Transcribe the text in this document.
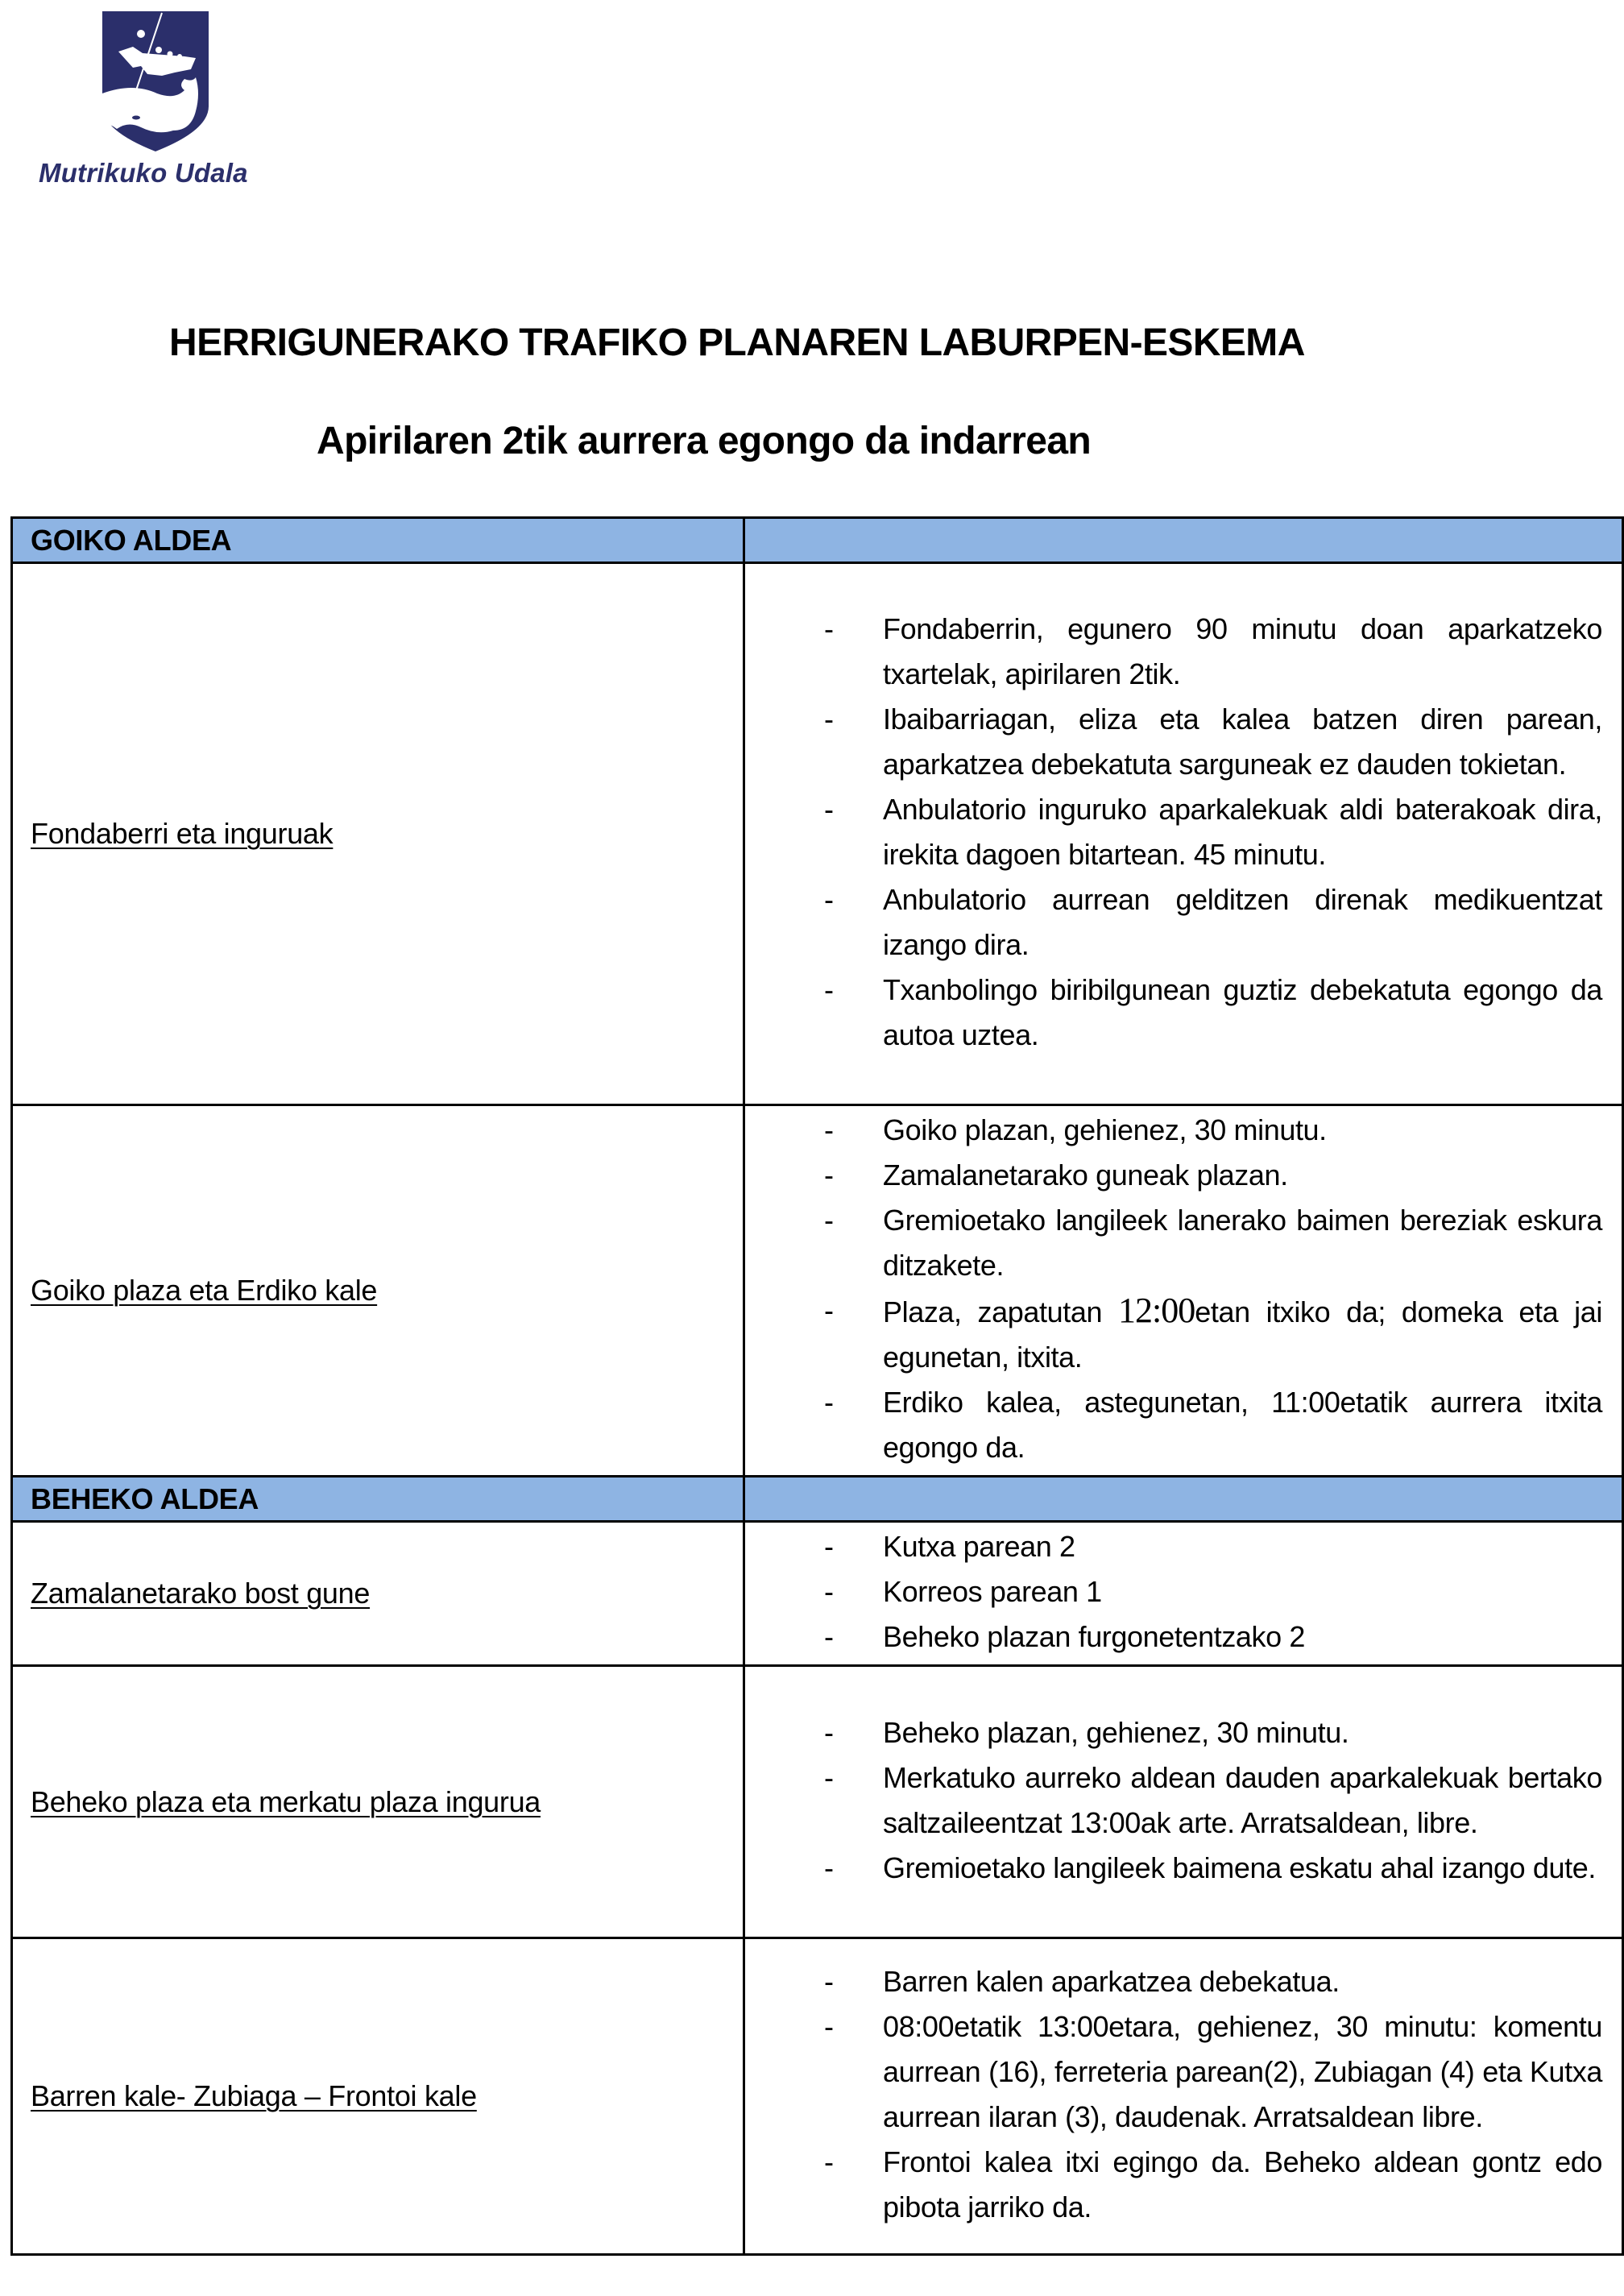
Mutrikuko Udala
HERRIGUNERAKO TRAFIKO PLANAREN LABURPEN-ESKEMA
Apirilaren 2tik aurrera egongo da indarrean
GOIKO ALDEA	
Fondaberri eta inguruak	
- Fondaberrin, egunero 90 minutu doan aparkatzeko txartelak, apirilaren 2tik.
- Ibaibarriagan, eliza eta kalea batzen diren parean, aparkatzea debekatuta sarguneak ez dauden tokietan.
- Anbulatorio inguruko aparkalekuak aldi baterakoak dira, irekita dagoen bitartean. 45 minutu.
- Anbulatorio aurrean gelditzen direnak medikuentzat izango dira.
- Txanbolingo biribilgunean guztiz debekatuta egongo da autoa uztea.

Goiko plaza eta Erdiko kale	
- Goiko plazan, gehienez, 30 minutu.
- Zamalanetarako guneak plazan.
- Gremioetako langileek lanerako baimen bereziak eskura ditzakete.
- Plaza, zapatutan 12:00etan itxiko da; domeka eta jai egunetan, itxita.
- Erdiko kalea, astegunetan, 11:00etatik aurrera itxita egongo da.

BEHEKO ALDEA	
Zamalanetarako bost gune	
- Kutxa parean 2
- Korreos parean 1
- Beheko plazan furgonetentzako 2

Beheko plaza eta merkatu plaza ingurua	
- Beheko plazan, gehienez, 30 minutu.
- Merkatuko aurreko aldean dauden aparkalekuak bertako saltzaileentzat 13:00ak arte. Arratsaldean, libre.
- Gremioetako langileek baimena eskatu ahal izango dute.

Barren kale- Zubiaga – Frontoi kale	
- Barren kalen aparkatzea debekatua.
- 08:00etatik 13:00etara, gehienez, 30 minutu: komentu aurrean (16), ferreteria parean(2), Zubiagan (4) eta Kutxa aurrean ilaran (3), daudenak. Arratsaldean libre.
- Frontoi kalea itxi egingo da. Beheko aldean gontz edo pibota jarriko da.
